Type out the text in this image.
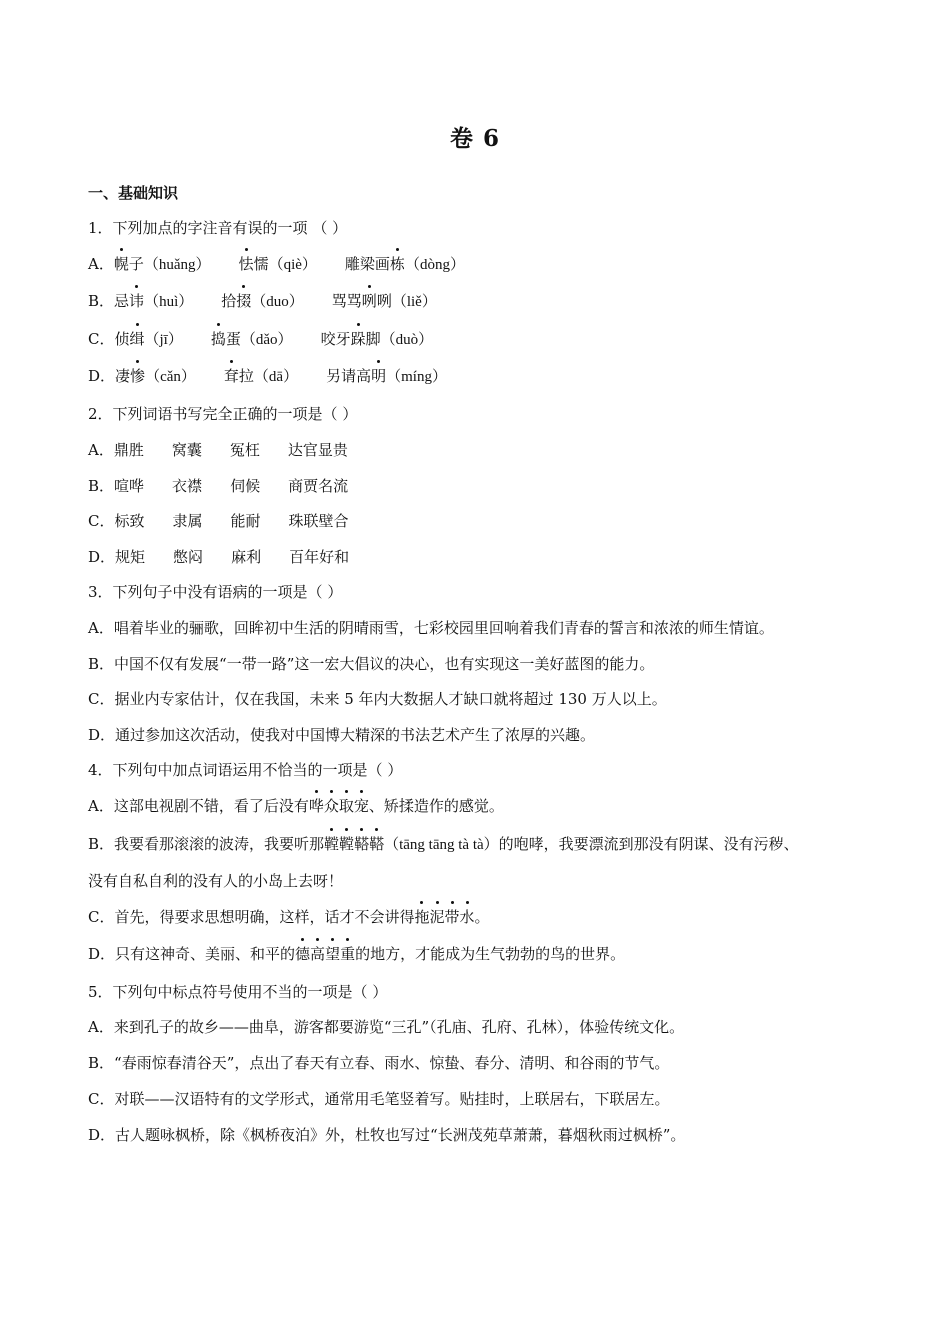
卷 6
一、基础知识
1．下列加点的字注音有误的一项 （ ）
A．幌子（huǎng） 怯懦（qiè） 雕梁画栋（dòng）
B．忌讳（huì） 拾掇（duo） 骂骂咧咧（liě）
C．侦缉（jī） 捣蛋（dǎo） 咬牙跺脚（duò）
D．凄惨（cǎn） 耷拉（dā） 另请高明（míng）
2．下列词语书写完全正确的一项是（ ）
A．鼎胜 窝囊 冤枉 达官显贵
B．喧哗 衣襟 伺候 商贾名流
C．标致 隶属 能耐 珠联壁合
D．规矩 憋闷 麻利 百年好和
3．下列句子中没有语病的一项是（ ）
A．唱着毕业的骊歌，回眸初中生活的阴晴雨雪，七彩校园里回响着我们青春的誓言和浓浓的师生情谊。
B．中国不仅有发展“一带一路”这一宏大倡议的决心，也有实现这一美好蓝图的能力。
C．据业内专家估计，仅在我国，未来 5 年内大数据人才缺口就将超过 130 万人以上。
D．通过参加这次活动，使我对中国博大精深的书法艺术产生了浓厚的兴趣。
4．下列句中加点词语运用不恰当的一项是（ ）
A．这部电视剧不错，看了后没有哗众取宠、矫揉造作的感觉。
B．我要看那滚滚的波涛，我要听那鞺鞺鞳鞳（tāng tāng tà tà）的咆哮，我要漂流到那没有阴谋、没有污秽、
没有自私自利的没有人的小岛上去呀！
C．首先，得要求思想明确，这样，话才不会讲得拖泥带水。
D．只有这神奇、美丽、和平的德高望重的地方，才能成为生气勃勃的鸟的世界。
5．下列句中标点符号使用不当的一项是（ ）
A．来到孔子的故乡——曲阜，游客都要游览“三孔”（孔庙、孔府、孔林），体验传统文化。
B．“春雨惊春清谷天”，点出了春天有立春、雨水、惊蛰、春分、清明、和谷雨的节气。
C．对联——汉语特有的文学形式，通常用毛笔竖着写。贴挂时，上联居右，下联居左。
D．古人题咏枫桥，除《枫桥夜泊》外，杜牧也写过“长洲茂苑草萧萧，暮烟秋雨过枫桥”。
